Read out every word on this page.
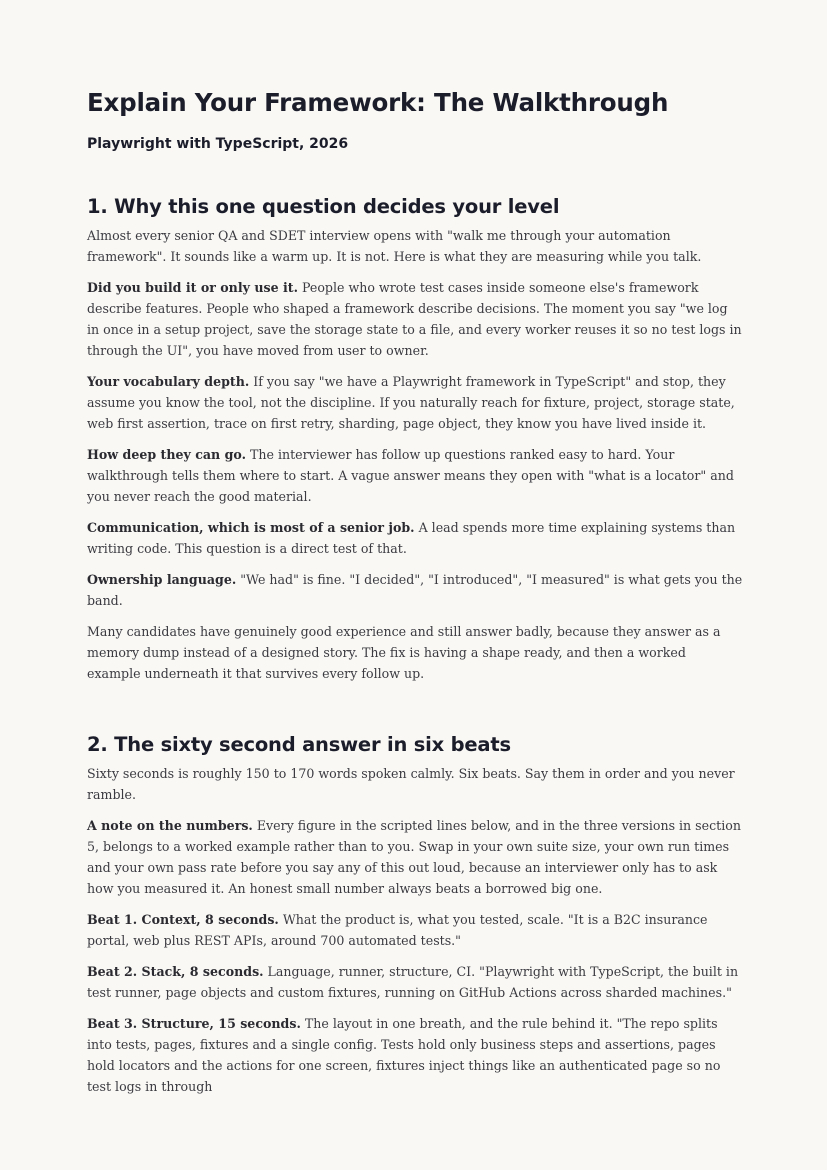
Explain Your Framework: The Walkthrough
Playwright with TypeScript, 2026
1. Why this one question decides your level

Almost every senior QA and SDET interview opens with "walk me through your automation framework". It sounds like a warm up. It is not. Here is what they are measuring while you talk.

Did you build it or only use it. People who wrote test cases inside someone else's framework describe features. People who shaped a framework describe decisions. The moment you say "we log in once in a setup project, save the storage state to a file, and every worker reuses it so no test logs in through the UI", you have moved from user to owner.

Your vocabulary depth. If you say "we have a Playwright framework in TypeScript" and stop, they assume you know the tool, not the discipline. If you naturally reach for fixture, project, storage state, web first assertion, trace on first retry, sharding, page object, they know you have lived inside it.

How deep they can go. The interviewer has follow up questions ranked easy to hard. Your walkthrough tells them where to start. A vague answer means they open with "what is a locator" and you never reach the good material.

Communication, which is most of a senior job. A lead spends more time explaining systems than writing code. This question is a direct test of that.

Ownership language. "We had" is fine. "I decided", "I introduced", "I measured" is what gets you the band.

Many candidates have genuinely good experience and still answer badly, because they answer as a memory dump instead of a designed story. The fix is having a shape ready, and then a worked example underneath it that survives every follow up.

2. The sixty second answer in six beats

Sixty seconds is roughly 150 to 170 words spoken calmly. Six beats. Say them in order and you never ramble.

A note on the numbers. Every figure in the scripted lines below, and in the three versions in section 5, belongs to a worked example rather than to you. Swap in your own suite size, your own run times and your own pass rate before you say any of this out loud, because an interviewer only has to ask how you measured it. An honest small number always beats a borrowed big one.

Beat 1. Context, 8 seconds. What the product is, what you tested, scale. "It is a B2C insurance portal, web plus REST APIs, around 700 automated tests."

Beat 2. Stack, 8 seconds. Language, runner, structure, CI. "Playwright with TypeScript, the built in test runner, page objects and custom fixtures, running on GitHub Actions across sharded machines."

Beat 3. Structure, 15 seconds. The layout in one breath, and the rule behind it. "The repo splits into tests, pages, fixtures and a single config. Tests hold only business steps and assertions, pages hold locators and the actions for one screen, fixtures inject things like an authenticated page so no test logs in through
